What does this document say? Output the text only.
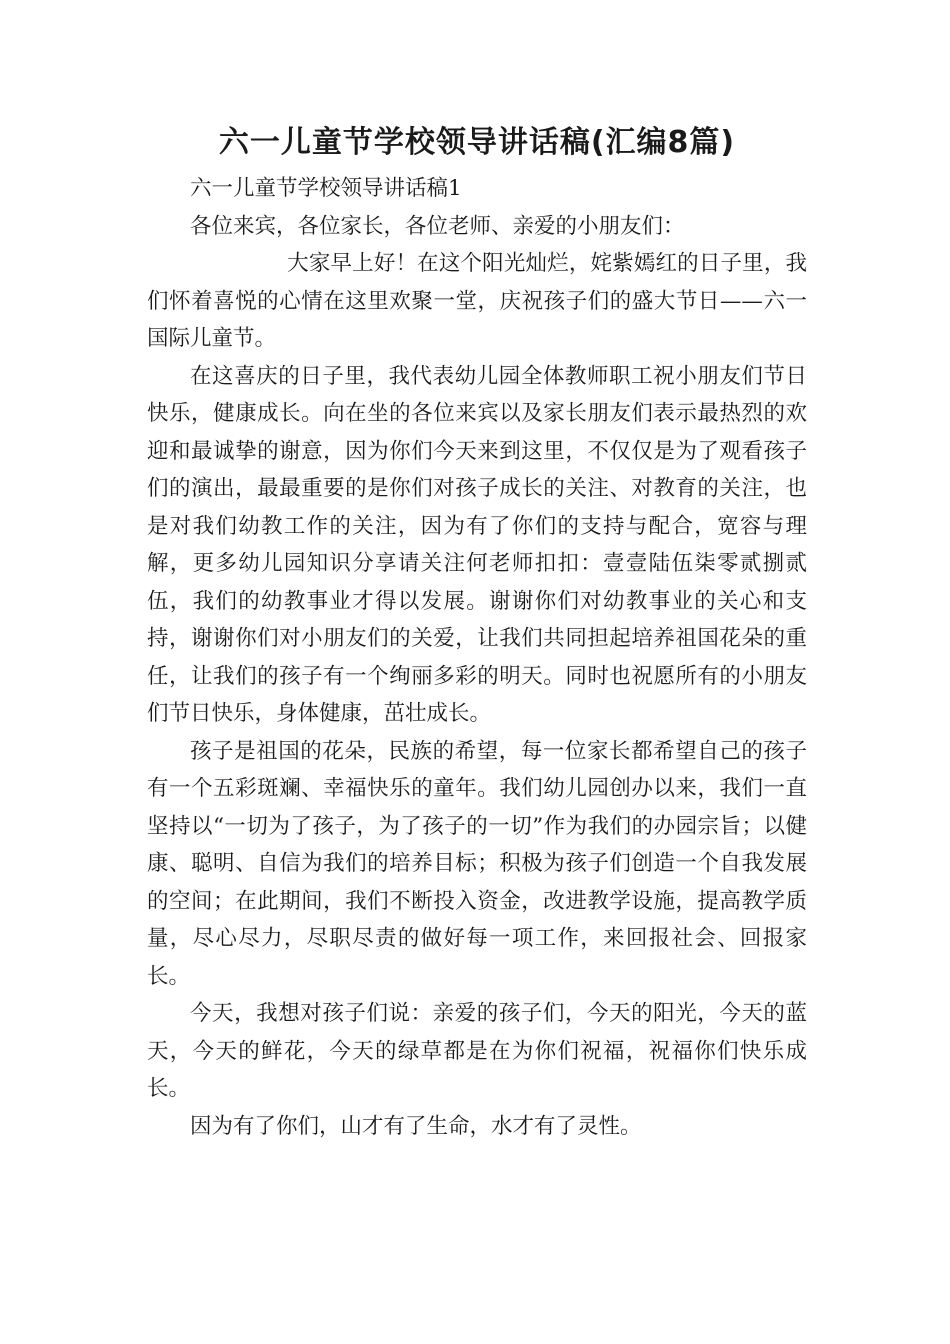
六一儿童节学校领导讲话稿(汇编8篇)

六一儿童节学校领导讲话稿1

各位来宾，各位家长，各位老师、亲爱的小朋友们：

大家早上好！在这个阳光灿烂，姹紫嫣红的日子里，我们怀着喜悦的心情在这里欢聚一堂，庆祝孩子们的盛大节日——六一国际儿童节。

在这喜庆的日子里，我代表幼儿园全体教师职工祝小朋友们节日快乐，健康成长。向在坐的各位来宾以及家长朋友们表示最热烈的欢迎和最诚挚的谢意，因为你们今天来到这里，不仅仅是为了观看孩子们的演出，最最重要的是你们对孩子成长的关注、对教育的关注，也是对我们幼教工作的关注，因为有了你们的支持与配合，宽容与理解，更多幼儿园知识分享请关注何老师扣扣：壹壹陆伍柒零贰捌贰伍，我们的幼教事业才得以发展。谢谢你们对幼教事业的关心和支持，谢谢你们对小朋友们的关爱，让我们共同担起培养祖国花朵的重任，让我们的孩子有一个绚丽多彩的明天。同时也祝愿所有的小朋友们节日快乐，身体健康，茁壮成长。

孩子是祖国的花朵，民族的希望，每一位家长都希望自己的孩子有一个五彩斑斓、幸福快乐的童年。我们幼儿园创办以来，我们一直坚持以“一切为了孩子，为了孩子的一切”作为我们的办园宗旨；以健康、聪明、自信为我们的培养目标；积极为孩子们创造一个自我发展的空间；在此期间，我们不断投入资金，改进教学设施，提高教学质量，尽心尽力，尽职尽责的做好每一项工作，来回报社会、回报家长。

今天，我想对孩子们说：亲爱的孩子们，今天的阳光，今天的蓝天，今天的鲜花，今天的绿草都是在为你们祝福，祝福你们快乐成长。

因为有了你们，山才有了生命，水才有了灵性。
